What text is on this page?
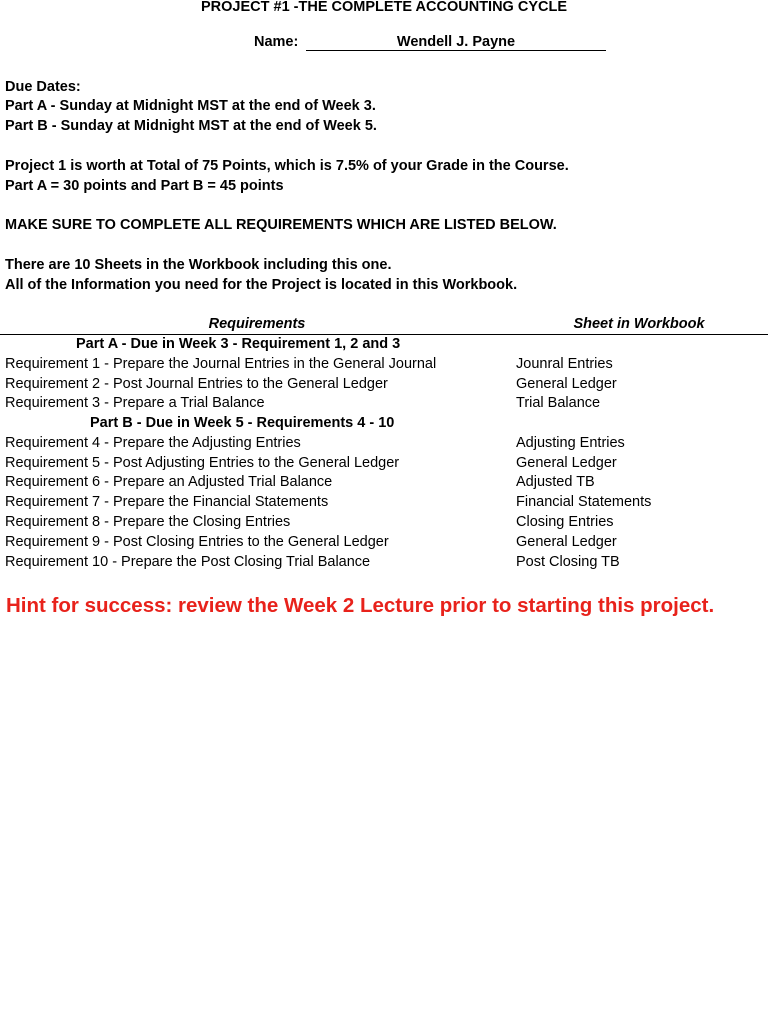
PROJECT #1 -THE COMPLETE ACCOUNTING CYCLE
Name:	Wendell J. Payne
Due Dates:
Part A - Sunday at Midnight MST at the end of Week 3.
Part B - Sunday at Midnight MST at the end of Week 5.
Project 1 is worth at Total of 75 Points, which is 7.5% of your Grade in the Course.
Part A = 30 points and Part B = 45 points
MAKE SURE TO COMPLETE ALL REQUIREMENTS WHICH ARE LISTED BELOW.
There are 10 Sheets in the Workbook including this one.
All of the Information you need for the Project is located in this Workbook.
Requirements	Sheet in Workbook
Part A - Due in Week 3 - Requirement 1, 2 and 3
Requirement 1 - Prepare the Journal Entries in the General Journal	Jounral Entries
Requirement 2 - Post Journal Entries to the General Ledger	General Ledger
Requirement 3 - Prepare a Trial Balance	Trial Balance
Part B - Due in Week 5 - Requirements 4 - 10
Requirement 4 - Prepare the Adjusting Entries	Adjusting Entries
Requirement 5 - Post Adjusting Entries to the General Ledger	General Ledger
Requirement 6 - Prepare an Adjusted Trial Balance	Adjusted TB
Requirement 7 - Prepare the Financial Statements	Financial Statements
Requirement 8 - Prepare the Closing Entries	Closing Entries
Requirement 9 - Post Closing Entries to the General Ledger	General Ledger
Requirement 10 - Prepare the Post Closing Trial Balance	Post Closing TB
Hint for success: review the Week 2 Lecture prior to starting this project.
